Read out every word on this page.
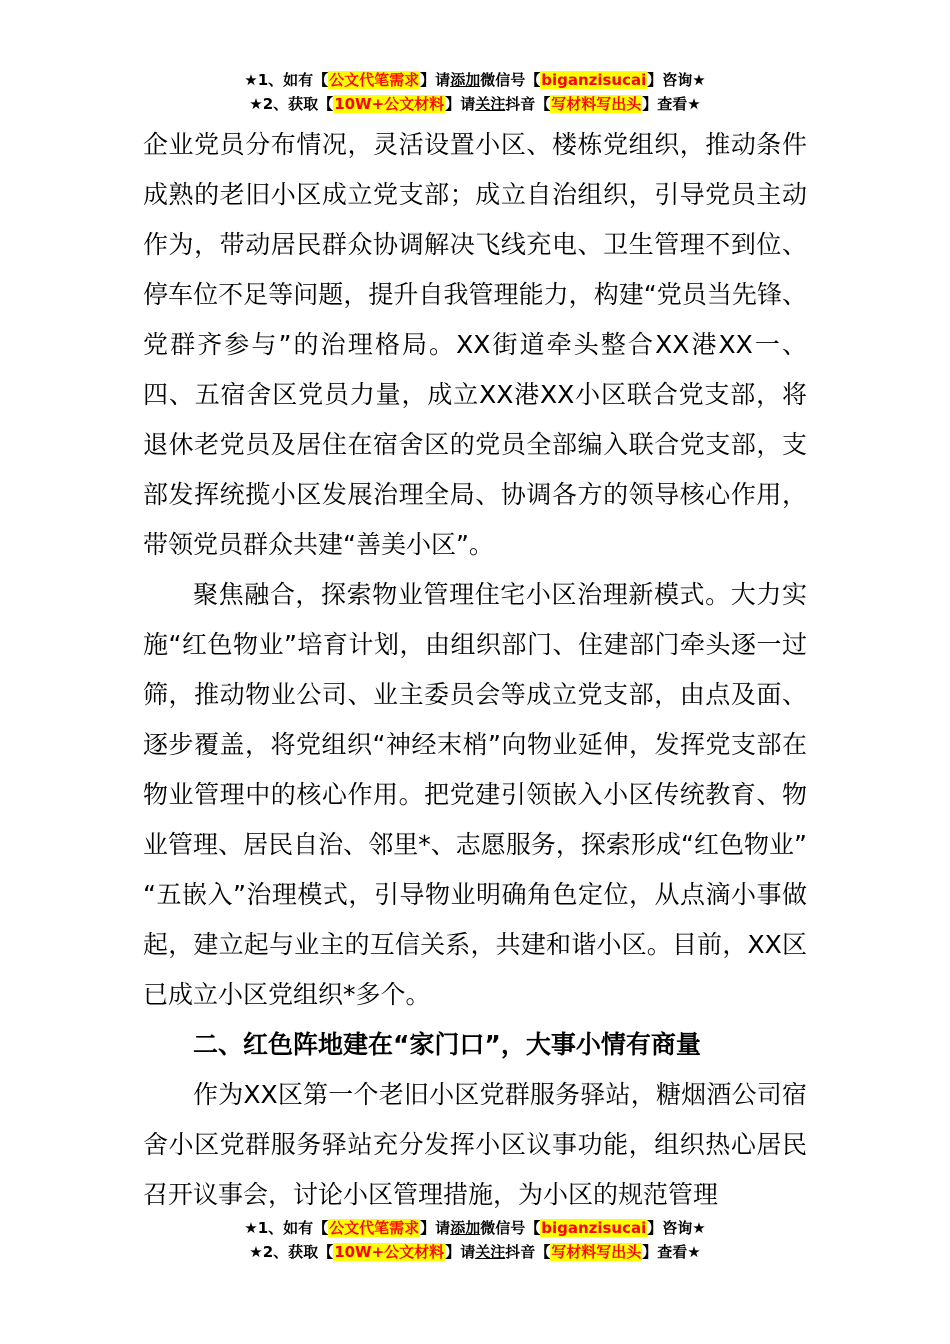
★1、如有【公文代笔需求】请添加微信号【biganzisucai】咨询★
★2、获取【10W+公文材料】请关注抖音【写材料写出头】查看★

企业党员分布情况，灵活设置小区、楼栋党组织，推动条件成熟的老旧小区成立党支部；成立自治组织，引导党员主动作为，带动居民群众协调解决飞线充电、卫生管理不到位、停车位不足等问题，提升自我管理能力，构建“党员当先锋、党群齐参与”的治理格局。XX街道牵头整合XX港XX一、四、五宿舍区党员力量，成立XX港XX小区联合党支部，将退休老党员及居住在宿舍区的党员全部编入联合党支部，支部发挥统揽小区发展治理全局、协调各方的领导核心作用，带领党员群众共建“善美小区”。

聚焦融合，探索物业管理住宅小区治理新模式。大力实施“红色物业”培育计划，由组织部门、住建部门牵头逐一过筛，推动物业公司、业主委员会等成立党支部，由点及面、逐步覆盖，将党组织“神经末梢”向物业延伸，发挥党支部在物业管理中的核心作用。把党建引领嵌入小区传统教育、物业管理、居民自治、邻里*、志愿服务，探索形成“红色物业” “五嵌入”治理模式，引导物业明确角色定位，从点滴小事做起，建立起与业主的互信关系，共建和谐小区。目前，XX区已成立小区党组织*多个。

二、红色阵地建在“家门口”，大事小情有商量

作为XX区第一个老旧小区党群服务驿站，糖烟酒公司宿舍小区党群服务驿站充分发挥小区议事功能，组织热心居民召开议事会，讨论小区管理措施，为小区的规范管理

★1、如有【公文代笔需求】请添加微信号【biganzisucai】咨询★
★2、获取【10W+公文材料】请关注抖音【写材料写出头】查看★
